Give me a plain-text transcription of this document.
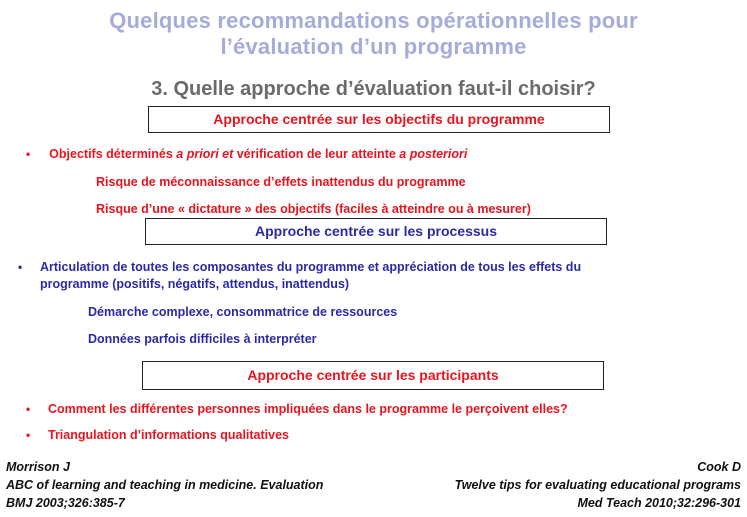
Quelques recommandations opérationnelles pour
l’évaluation d’un programme
3. Quelle approche d’évaluation faut-il choisir?
Approche centrée sur les objectifs du programme
• Objectifs déterminés a priori et vérification de leur atteinte a posteriori
Risque de méconnaissance d’effets inattendus du programme
Risque d’une « dictature » des objectifs (faciles à atteindre ou à mesurer)
Approche centrée sur les processus
• Articulation de toutes les composantes du programme et appréciation de tous les effets du
programme (positifs, négatifs, attendus, inattendus)
Démarche complexe, consommatrice de ressources
Données parfois difficiles à interpréter
Approche centrée sur les participants
• Comment les différentes personnes impliquées dans le programme le perçoivent elles?
• Triangulation d’informations qualitatives
Morrison J
ABC of learning and teaching in medicine. Evaluation
BMJ 2003;326:385-7
Cook D
Twelve tips for evaluating educational programs
Med Teach 2010;32:296-301
